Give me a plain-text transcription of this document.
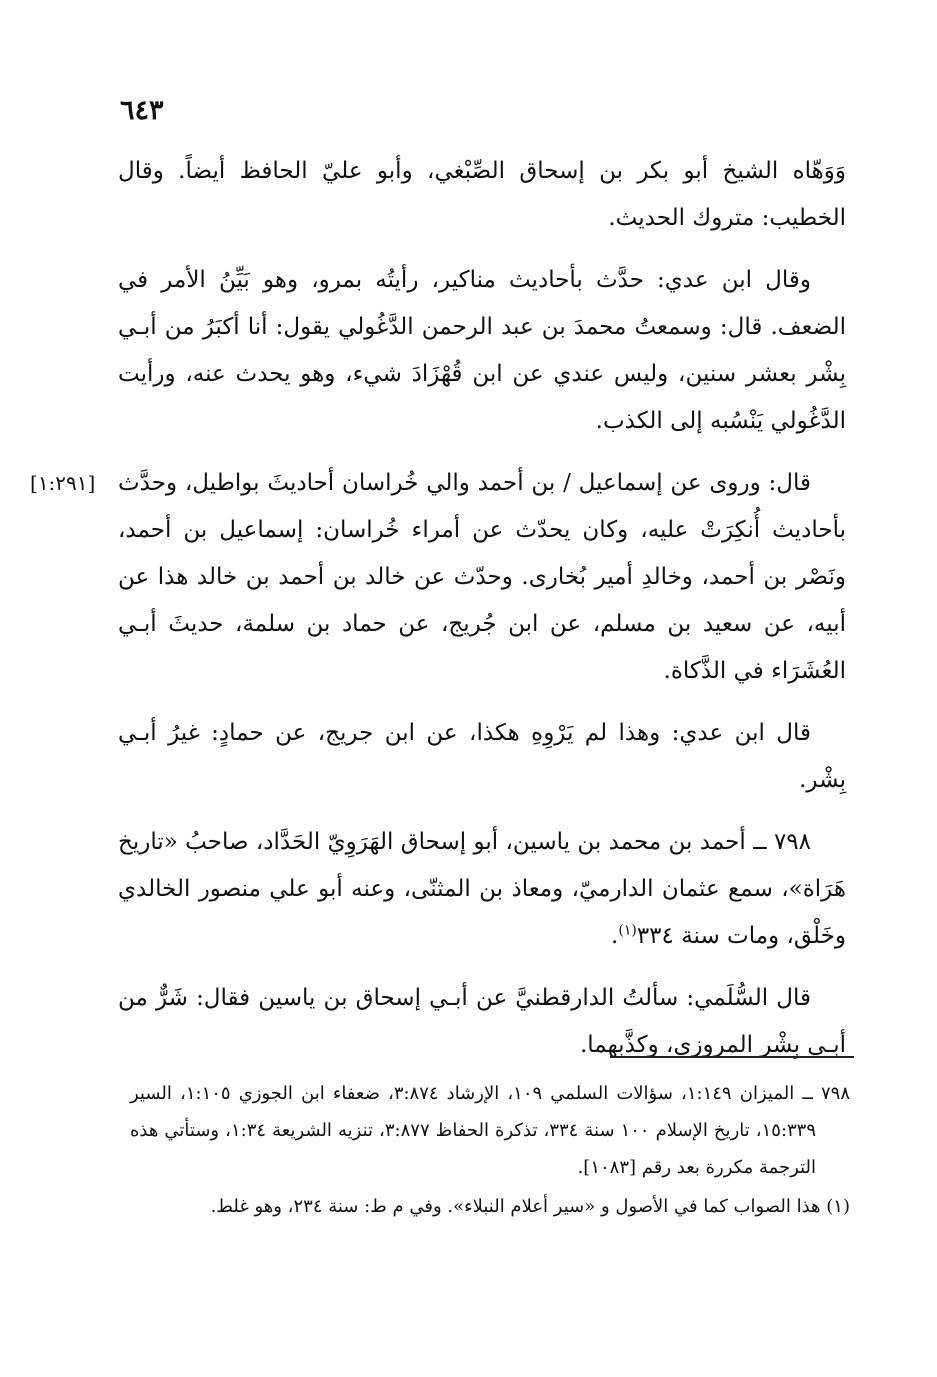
٦٤٣

وَوَهّاه الشيخ أبو بكر بن إسحاق الصِّبْغي، وأبو عليّ الحافظ أيضاً. وقال الخطيب: متروك الحديث.

وقال ابن عدي: حدَّث بأحاديث مناكير، رأيتُه بمرو، وهو بَيِّنُ الأمر في الضعف. قال: وسمعتُ محمدَ بن عبد الرحمن الدَّغُولي يقول: أنا أكبَرُ من أبـي بِشْر بعشر سنين، وليس عندي عن ابن قُهْزَادَ شيء، وهو يحدث عنه، ورأيت الدَّغُولي يَنْسُبه إلى الكذب.

[١:٢٩١] قال: وروى عن إسماعيل / بن أحمد والي خُراسان أحاديثَ بواطيل، وحدَّث بأحاديث أُنكِرَتْ عليه، وكان يحدّث عن أمراء خُراسان: إسماعيل بن أحمد، ونَصْر بن أحمد، وخالدِ أمير بُخارى. وحدّث عن خالد بن أحمد بن خالد هذا عن أبيه، عن سعيد بن مسلم، عن ابن جُريج، عن حماد بن سلمة، حديثَ أبـي العُشَرَاء في الذَّكاة.

قال ابن عدي: وهذا لم يَرْوِهِ هكذا، عن ابن جريج، عن حمادٍ: غيرُ أبـي بِشْر.

٧٩٨ ــ أحمد بن محمد بن ياسين، أبو إسحاق الهَرَوِيّ الحَدَّاد، صاحبُ «تاريخ هَرَاة»، سمع عثمان الدارميّ، ومعاذ بن المثنّى، وعنه أبو علي منصور الخالدي وخَلْق، ومات سنة ٣٣٤$^{(١)}$.

قال السُّلَمي: سألتُ الدارقطنيَّ عن أبـي إسحاق بن ياسين فقال: شَرٌّ من أبـي بِشْر المروزي، وكذَّبهما.

٧٩٨ ــ الميزان ١:١٤٩، سؤالات السلمي ١٠٩، الإرشاد ٣:٨٧٤، ضعفاء ابن الجوزي ١:١٠٥، السير ١٥:٣٣٩، تاريخ الإسلام ١٠٠ سنة ٣٣٤، تذكرة الحفاظ ٣:٨٧٧، تنزيه الشريعة ١:٣٤، وستأتي هذه الترجمة مكررة بعد رقم [١٠٨٣].

(١) هذا الصواب كما في الأصول و «سير أعلام النبلاء». وفي م ط: سنة ٢٣٤، وهو غلط.
